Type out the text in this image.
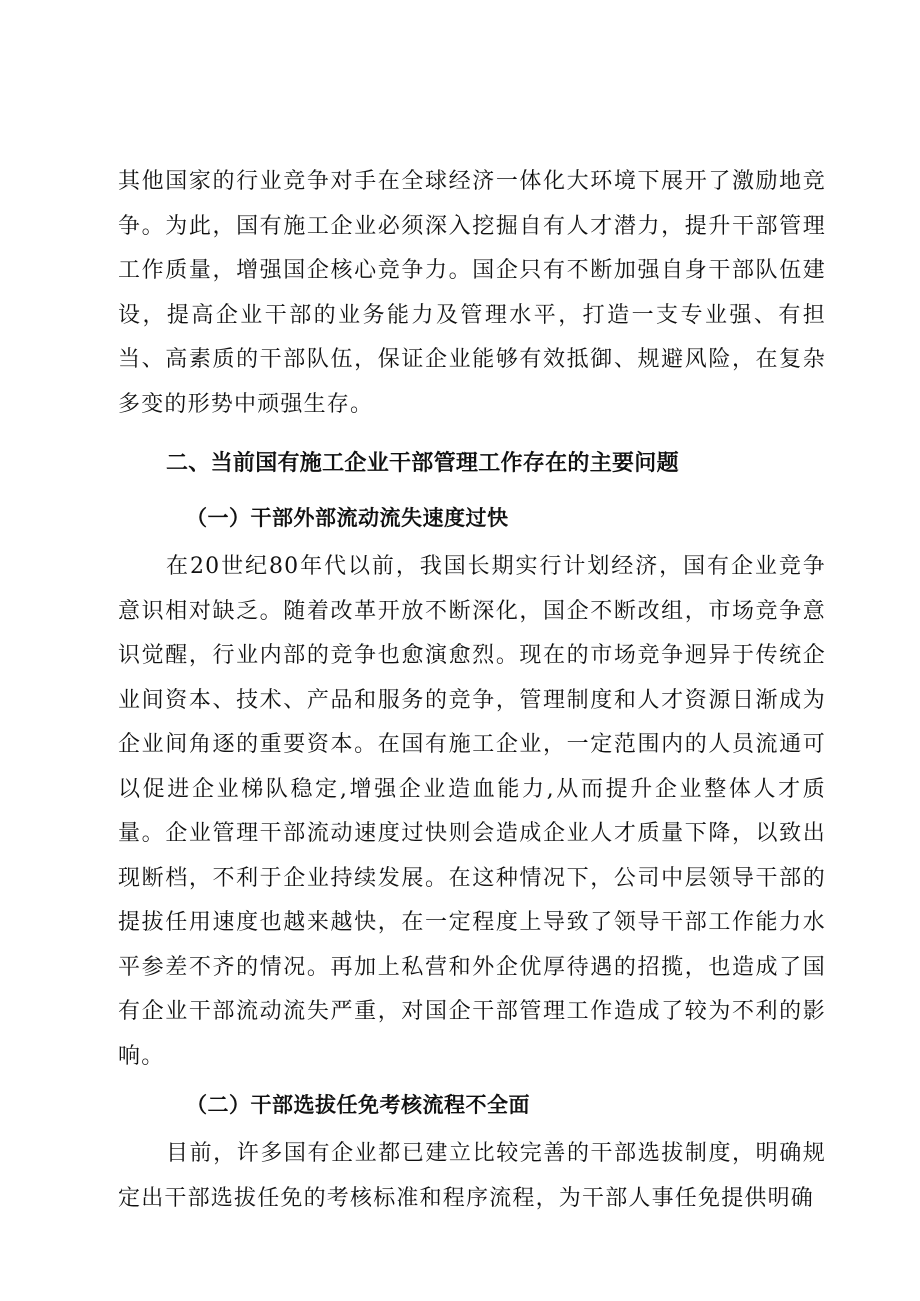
其他国家的行业竞争对手在全球经济一体化大环境下展开了激励地竞争。为此，国有施工企业必须深入挖掘自有人才潜力，提升干部管理工作质量，增强国企核心竞争力。国企只有不断加强自身干部队伍建设，提高企业干部的业务能力及管理水平，打造一支专业强、有担当、高素质的干部队伍，保证企业能够有效抵御、规避风险，在复杂多变的形势中顽强生存。

二、当前国有施工企业干部管理工作存在的主要问题
（一）干部外部流动流失速度过快

在20世纪80年代以前，我国长期实行计划经济，国有企业竞争意识相对缺乏。随着改革开放不断深化，国企不断改组，市场竞争意识觉醒，行业内部的竞争也愈演愈烈。现在的市场竞争迥异于传统企业间资本、技术、产品和服务的竞争，管理制度和人才资源日渐成为企业间角逐的重要资本。在国有施工企业，一定范围内的人员流通可以促进企业梯队稳定,增强企业造血能力,从而提升企业整体人才质量。企业管理干部流动速度过快则会造成企业人才质量下降，以致出现断档，不利于企业持续发展。在这种情况下，公司中层领导干部的提拔任用速度也越来越快，在一定程度上导致了领导干部工作能力水平参差不齐的情况。再加上私营和外企优厚待遇的招揽，也造成了国有企业干部流动流失严重，对国企干部管理工作造成了较为不利的影响。

（二）干部选拔任免考核流程不全面

目前，许多国有企业都已建立比较完善的干部选拔制度，明确规定出干部选拔任免的考核标准和程序流程，为干部人事任免提供明确
